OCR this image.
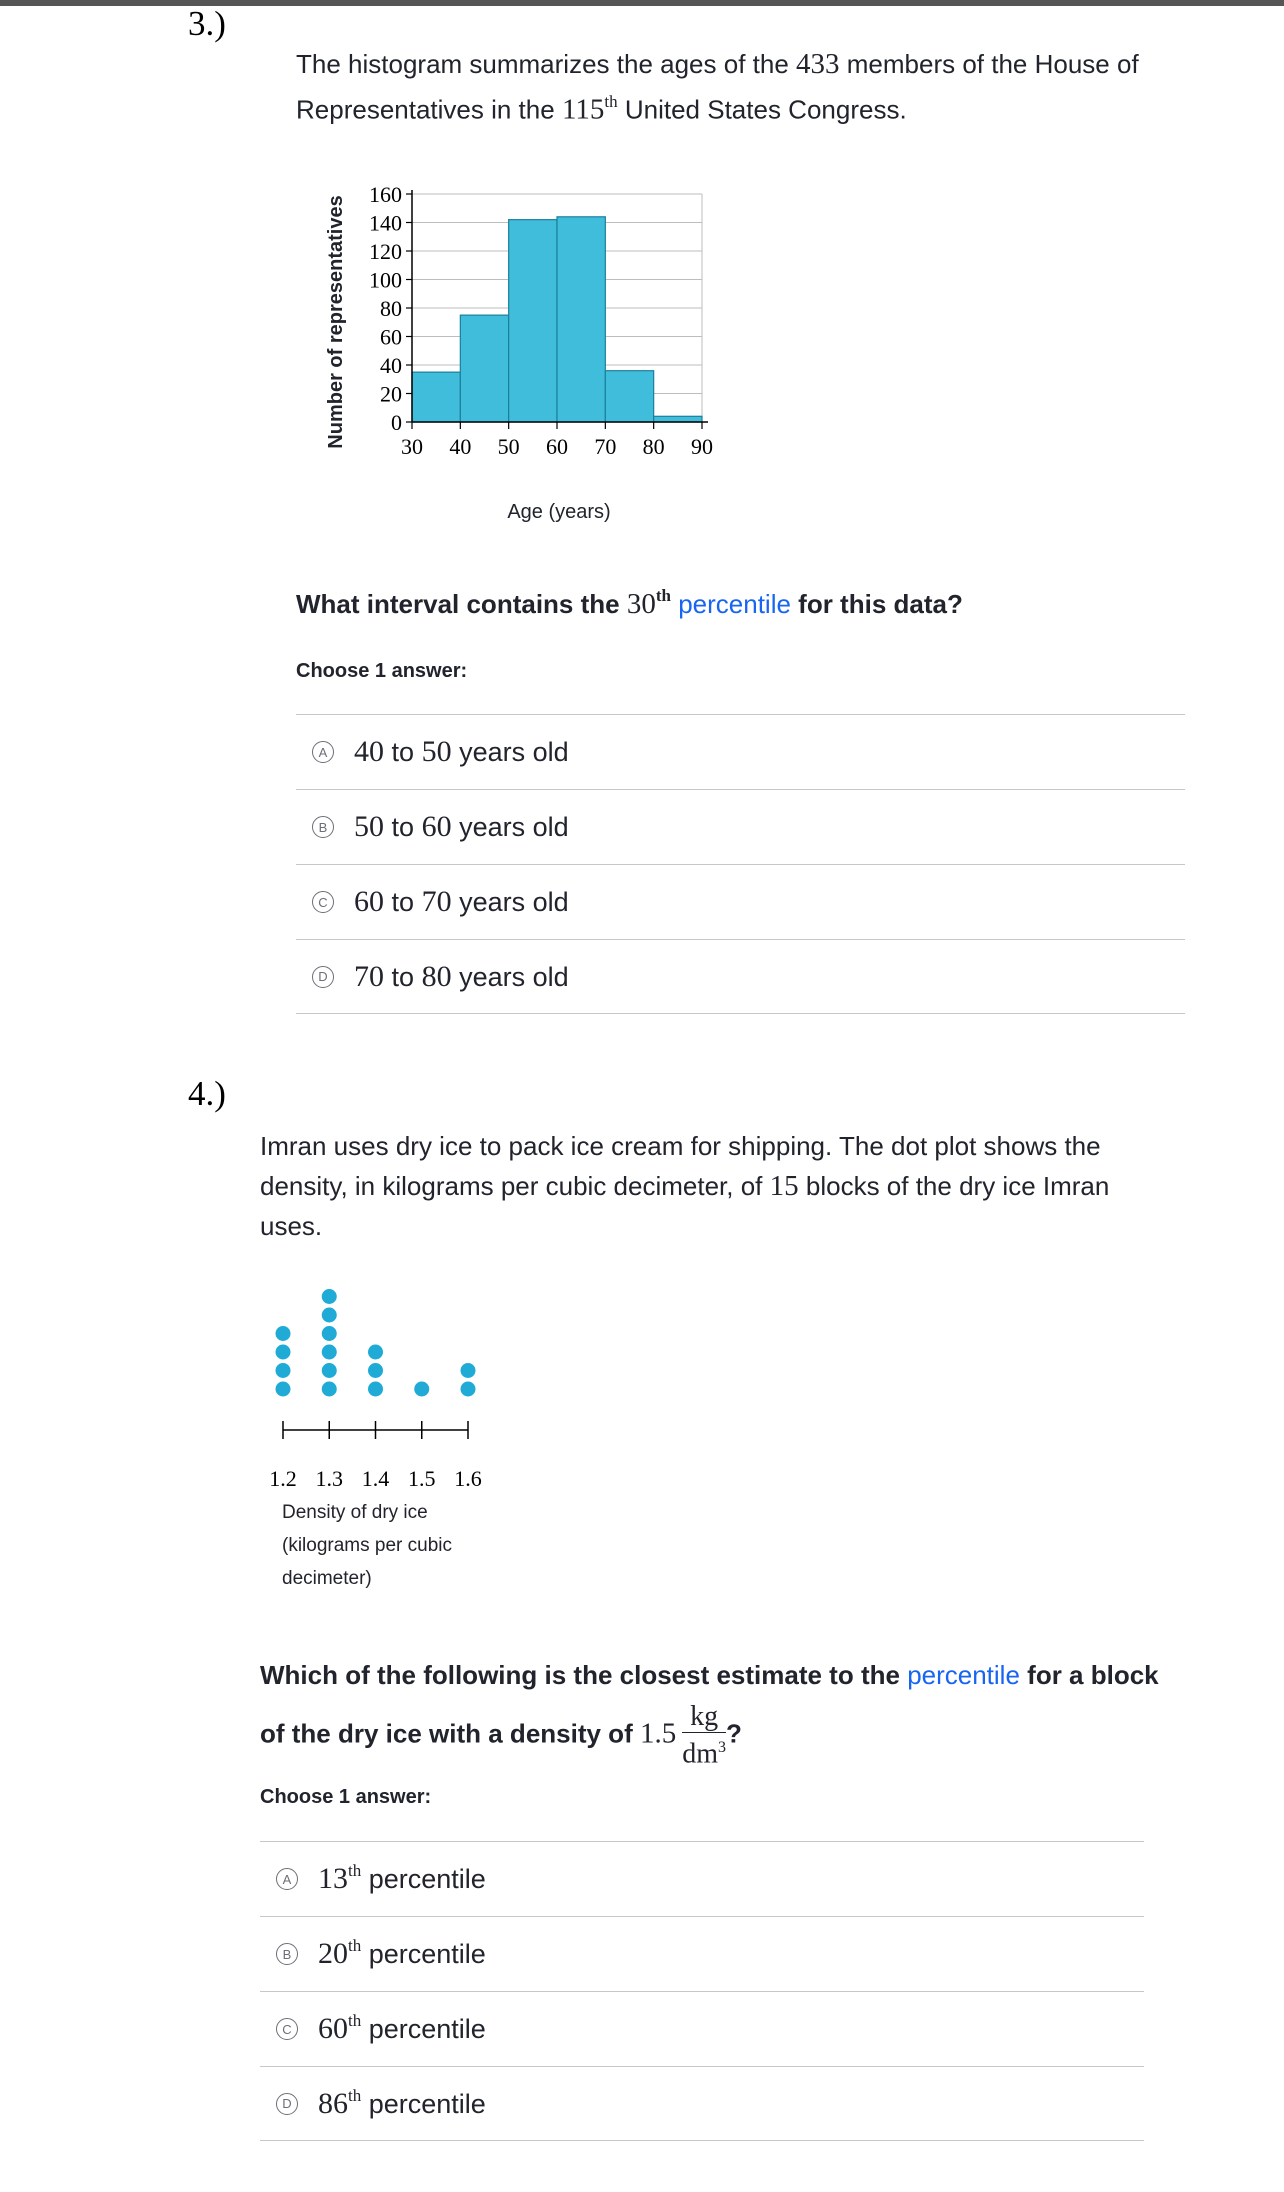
3.)
The histogram summarizes the ages of the 433 members of the House of Representatives in the 115th United States Congress.
0
20
40
60
80
100
120
140
160
30 40 50 60 70 80 90
Age (years)
Number of representatives
What interval contains the 30th percentile for this data?
Choose 1 answer:
A 40 to 50 years old
B 50 to 60 years old
C 60 to 70 years old
D 70 to 80 years old
4.)
Imran uses dry ice to pack ice cream for shipping. The dot plot shows the density, in kilograms per cubic decimeter, of 15 blocks of the dry ice Imran uses.
1.2 1.3 1.4 1.5 1.6
Density of dry ice
(kilograms per cubic
decimeter)
Which of the following is the closest estimate to the percentile for a block of the dry ice with a density of $1.5 \frac{kg}{dm^3}$ ?
Choose 1 answer:
A 13th percentile
B 20th percentile
C 60th percentile
D 86th percentile
